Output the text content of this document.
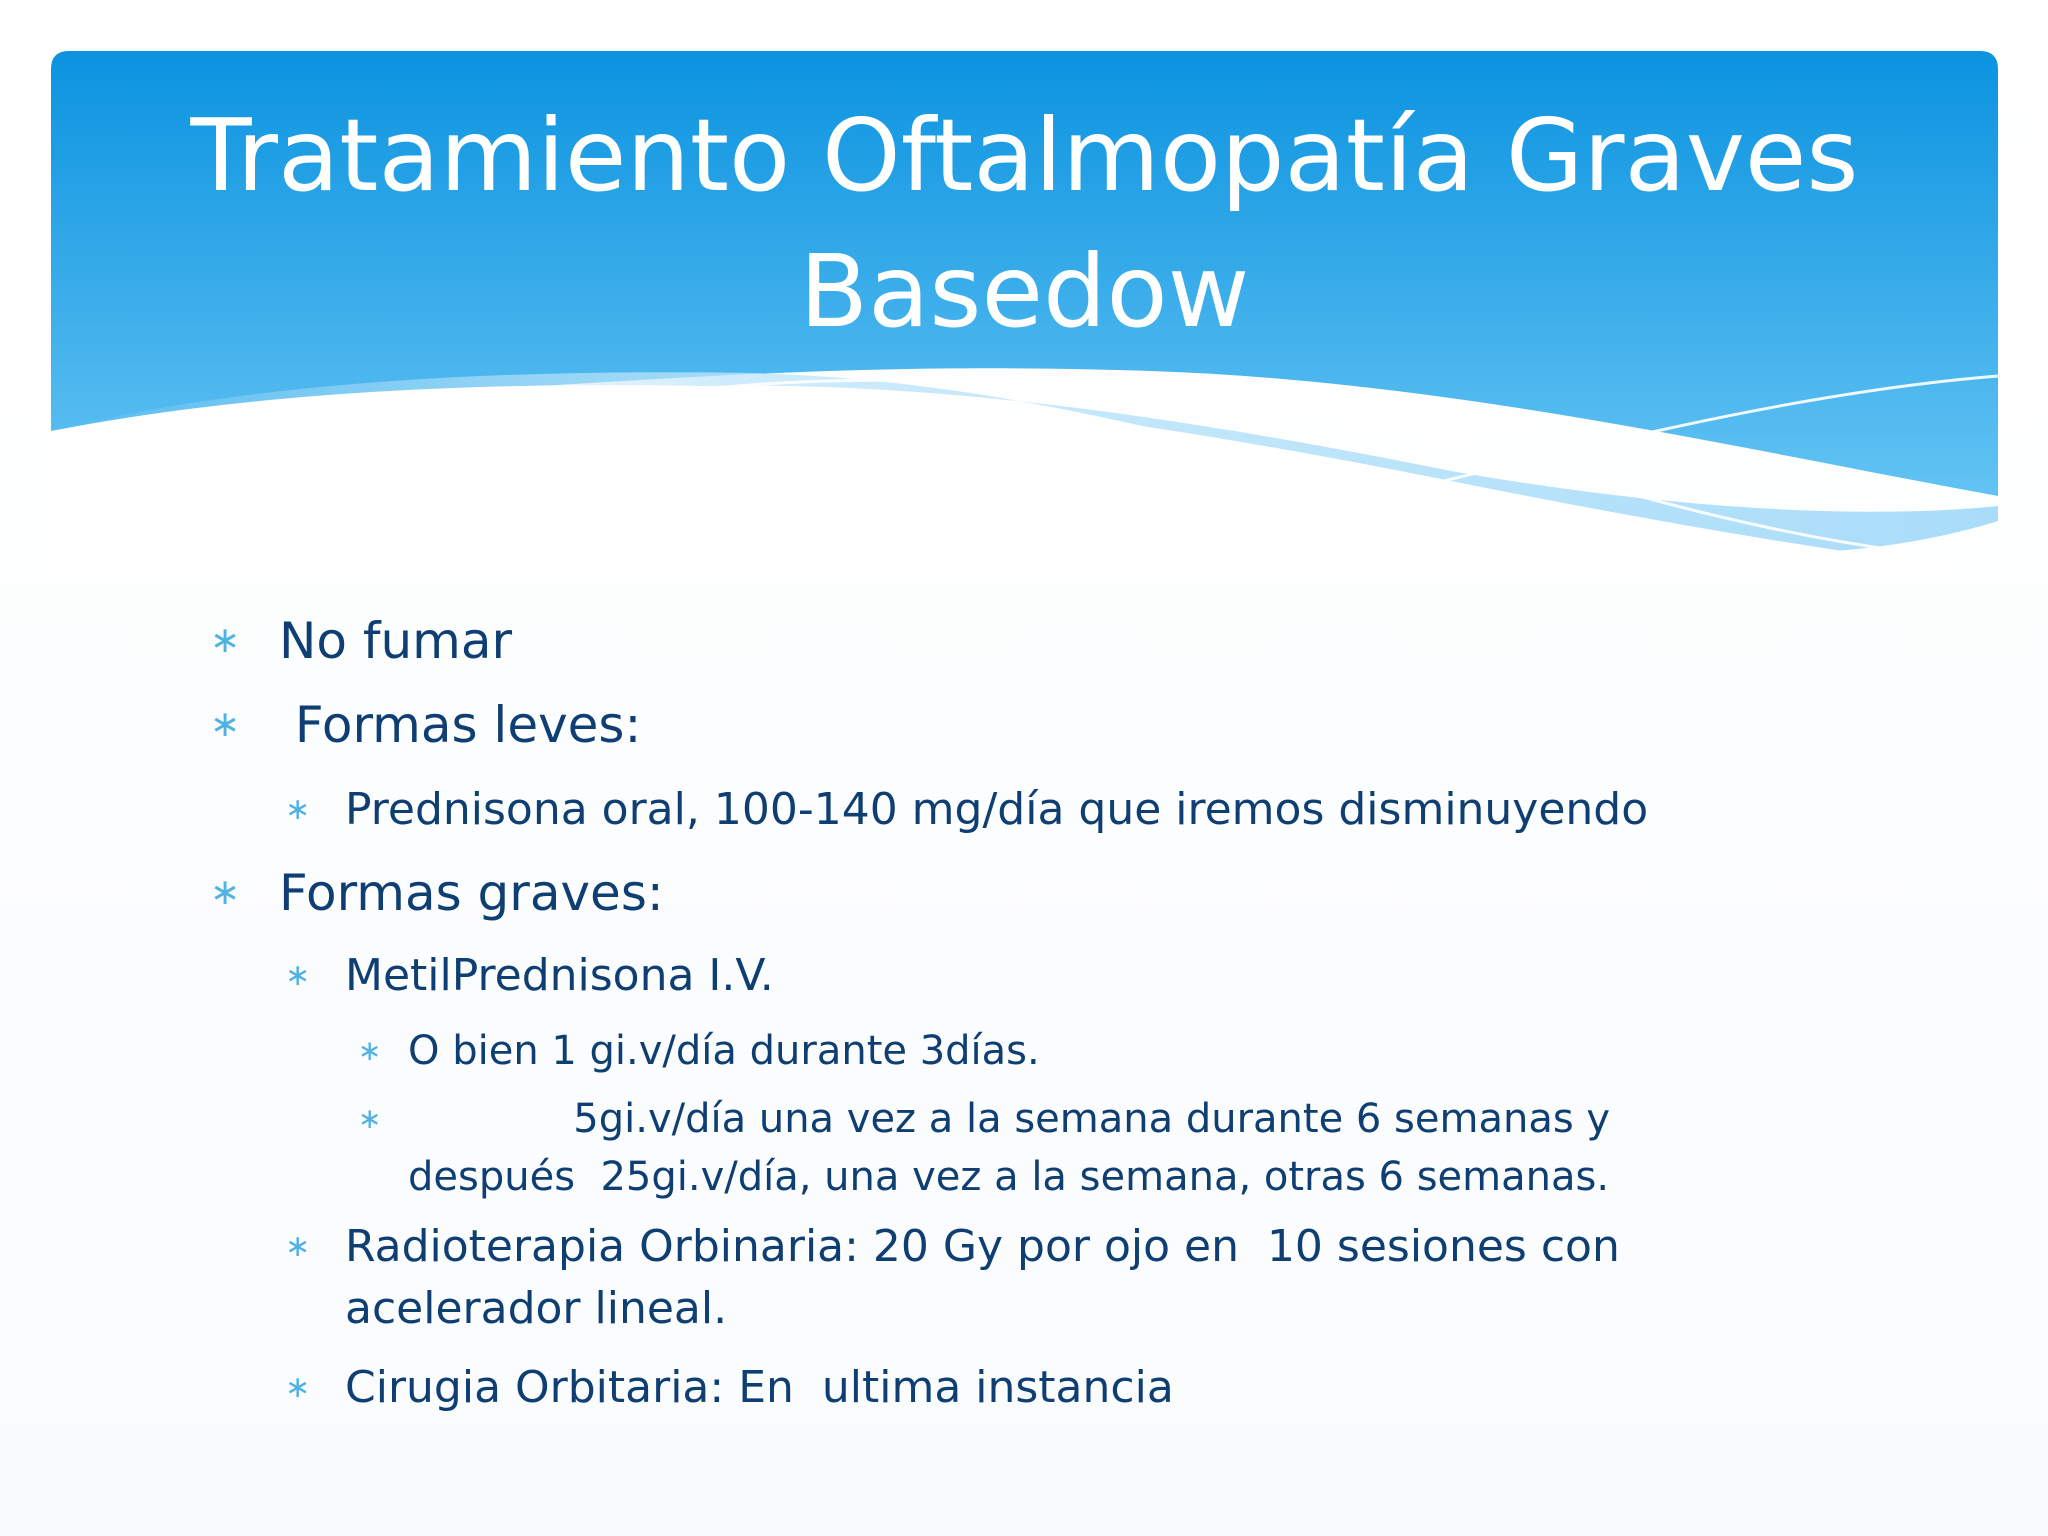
Tratamiento Oftalmopatía Graves
Basedow
∗ No fumar
∗ Formas leves:
∗ Prednisona oral, 100-140 mg/día que iremos disminuyendo
∗ Formas graves:
∗ MetilPrednisona I.V.
∗ O bien 1 gi.v/día durante 3días.
∗	5gi.v/día una vez a la semana durante 6 semanas y
después  25gi.v/día, una vez a la semana, otras 6 semanas.
∗ Radioterapia Orbinaria: 20 Gy por ojo en  10 sesiones con
acelerador lineal.
∗ Cirugia Orbitaria: En  ultima instancia
